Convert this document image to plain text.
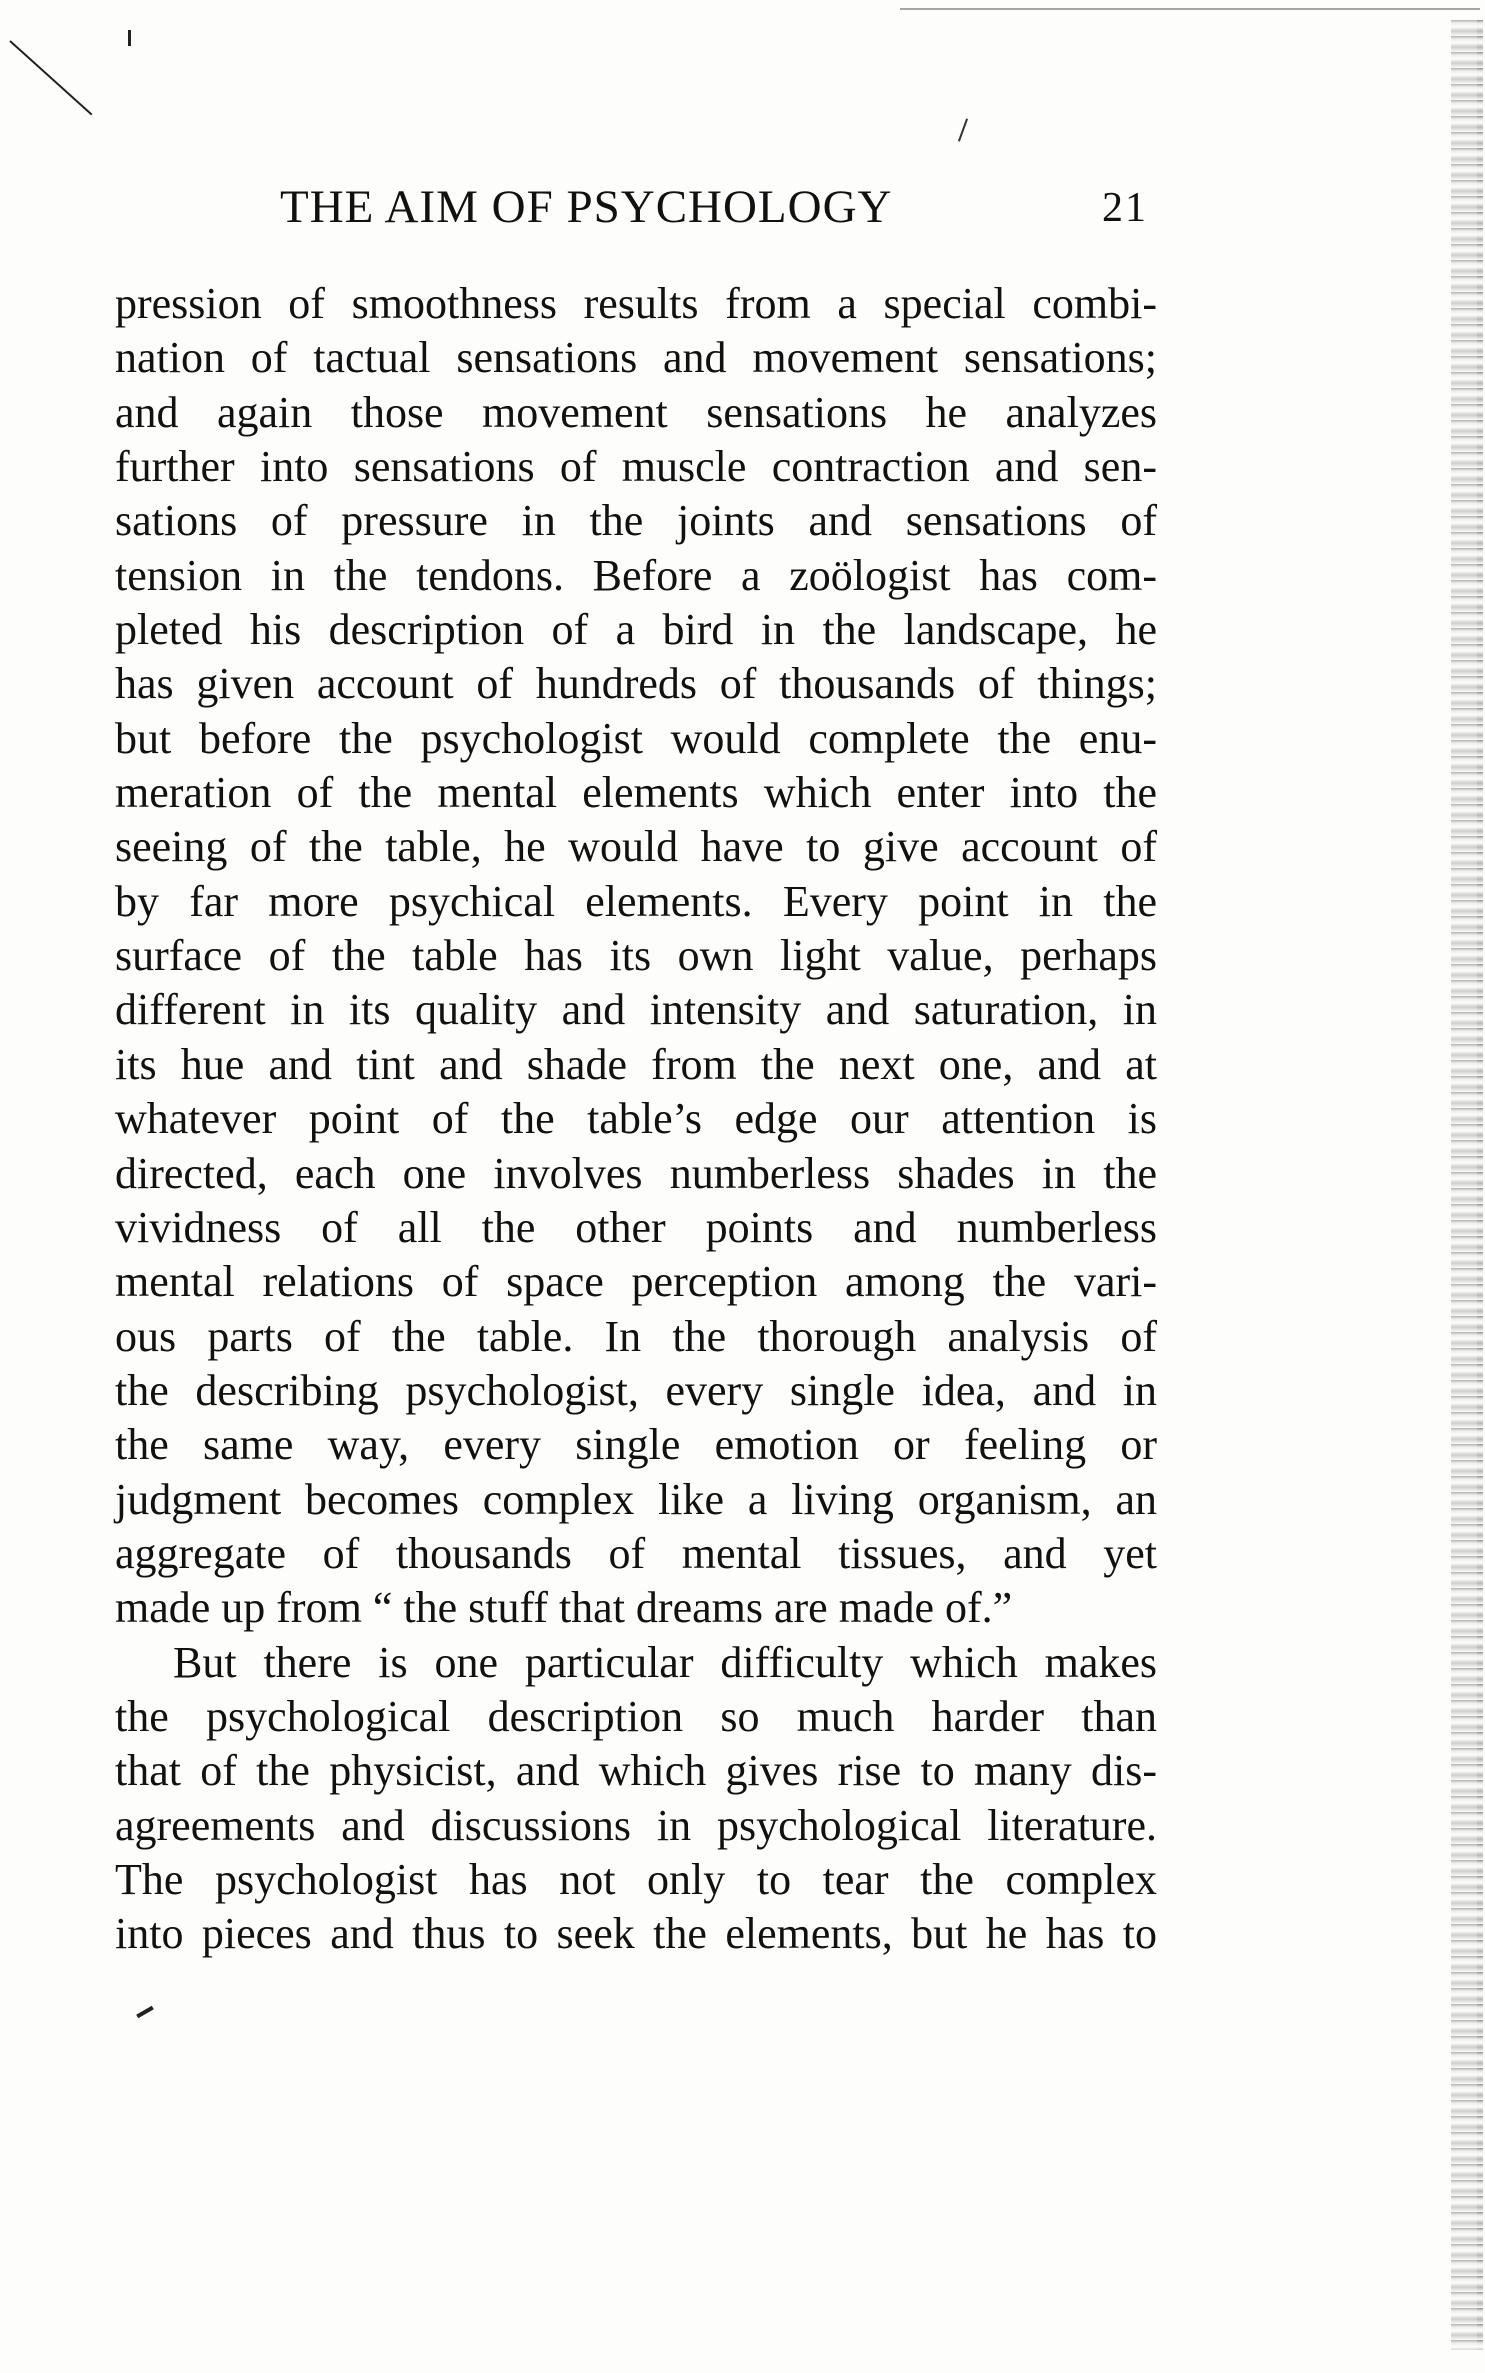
THE AIM OF PSYCHOLOGY	21
pression of smoothness results from a special combi-
nation of tactual sensations and movement sensations;
and again those movement sensations he analyzes
further into sensations of muscle contraction and sen-
sations of pressure in the joints and sensations of
tension in the tendons. Before a zoölogist has com-
pleted his description of a bird in the landscape, he
has given account of hundreds of thousands of things;
but before the psychologist would complete the enu-
meration of the mental elements which enter into the
seeing of the table, he would have to give account of
by far more psychical elements. Every point in the
surface of the table has its own light value, perhaps
different in its quality and intensity and saturation, in
its hue and tint and shade from the next one, and at
whatever point of the table’s edge our attention is
directed, each one involves numberless shades in the
vividness of all the other points and numberless
mental relations of space perception among the vari-
ous parts of the table. In the thorough analysis of
the describing psychologist, every single idea, and in
the same way, every single emotion or feeling or
judgment becomes complex like a living organism, an
aggregate of thousands of mental tissues, and yet
made up from “ the stuff that dreams are made of.”
But there is one particular difficulty which makes
the psychological description so much harder than
that of the physicist, and which gives rise to many dis-
agreements and discussions in psychological literature.
The psychologist has not only to tear the complex
into pieces and thus to seek the elements, but he has to
